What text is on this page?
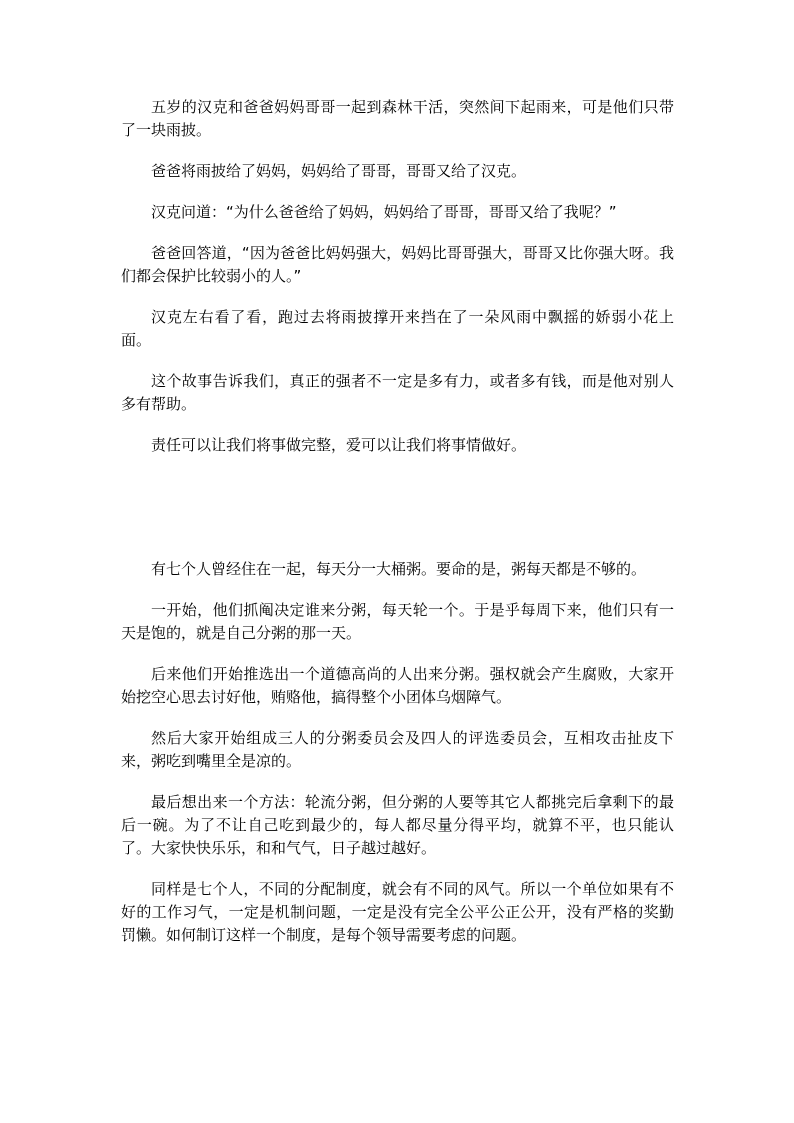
五岁的汉克和爸爸妈妈哥哥一起到森林干活，突然间下起雨来，可是他们只带了一块雨披。

爸爸将雨披给了妈妈，妈妈给了哥哥，哥哥又给了汉克。

汉克问道：“为什么爸爸给了妈妈，妈妈给了哥哥，哥哥又给了我呢？”

爸爸回答道，“因为爸爸比妈妈强大，妈妈比哥哥强大，哥哥又比你强大呀。我们都会保护比较弱小的人。”

汉克左右看了看，跑过去将雨披撑开来挡在了一朵风雨中飘摇的娇弱小花上面。

这个故事告诉我们，真正的强者不一定是多有力，或者多有钱，而是他对别人多有帮助。

责任可以让我们将事做完整，爱可以让我们将事情做好。

有七个人曾经住在一起，每天分一大桶粥。要命的是，粥每天都是不够的。

一开始，他们抓阄决定谁来分粥，每天轮一个。于是乎每周下来，他们只有一天是饱的，就是自己分粥的那一天。

后来他们开始推选出一个道德高尚的人出来分粥。强权就会产生腐败，大家开始挖空心思去讨好他，贿赂他，搞得整个小团体乌烟障气。

然后大家开始组成三人的分粥委员会及四人的评选委员会，互相攻击扯皮下来，粥吃到嘴里全是凉的。

最后想出来一个方法：轮流分粥，但分粥的人要等其它人都挑完后拿剩下的最后一碗。为了不让自己吃到最少的，每人都尽量分得平均，就算不平，也只能认了。大家快快乐乐，和和气气，日子越过越好。

同样是七个人，不同的分配制度，就会有不同的风气。所以一个单位如果有不好的工作习气，一定是机制问题，一定是没有完全公平公正公开，没有严格的奖勤罚懒。如何制订这样一个制度，是每个领导需要考虑的问题。
